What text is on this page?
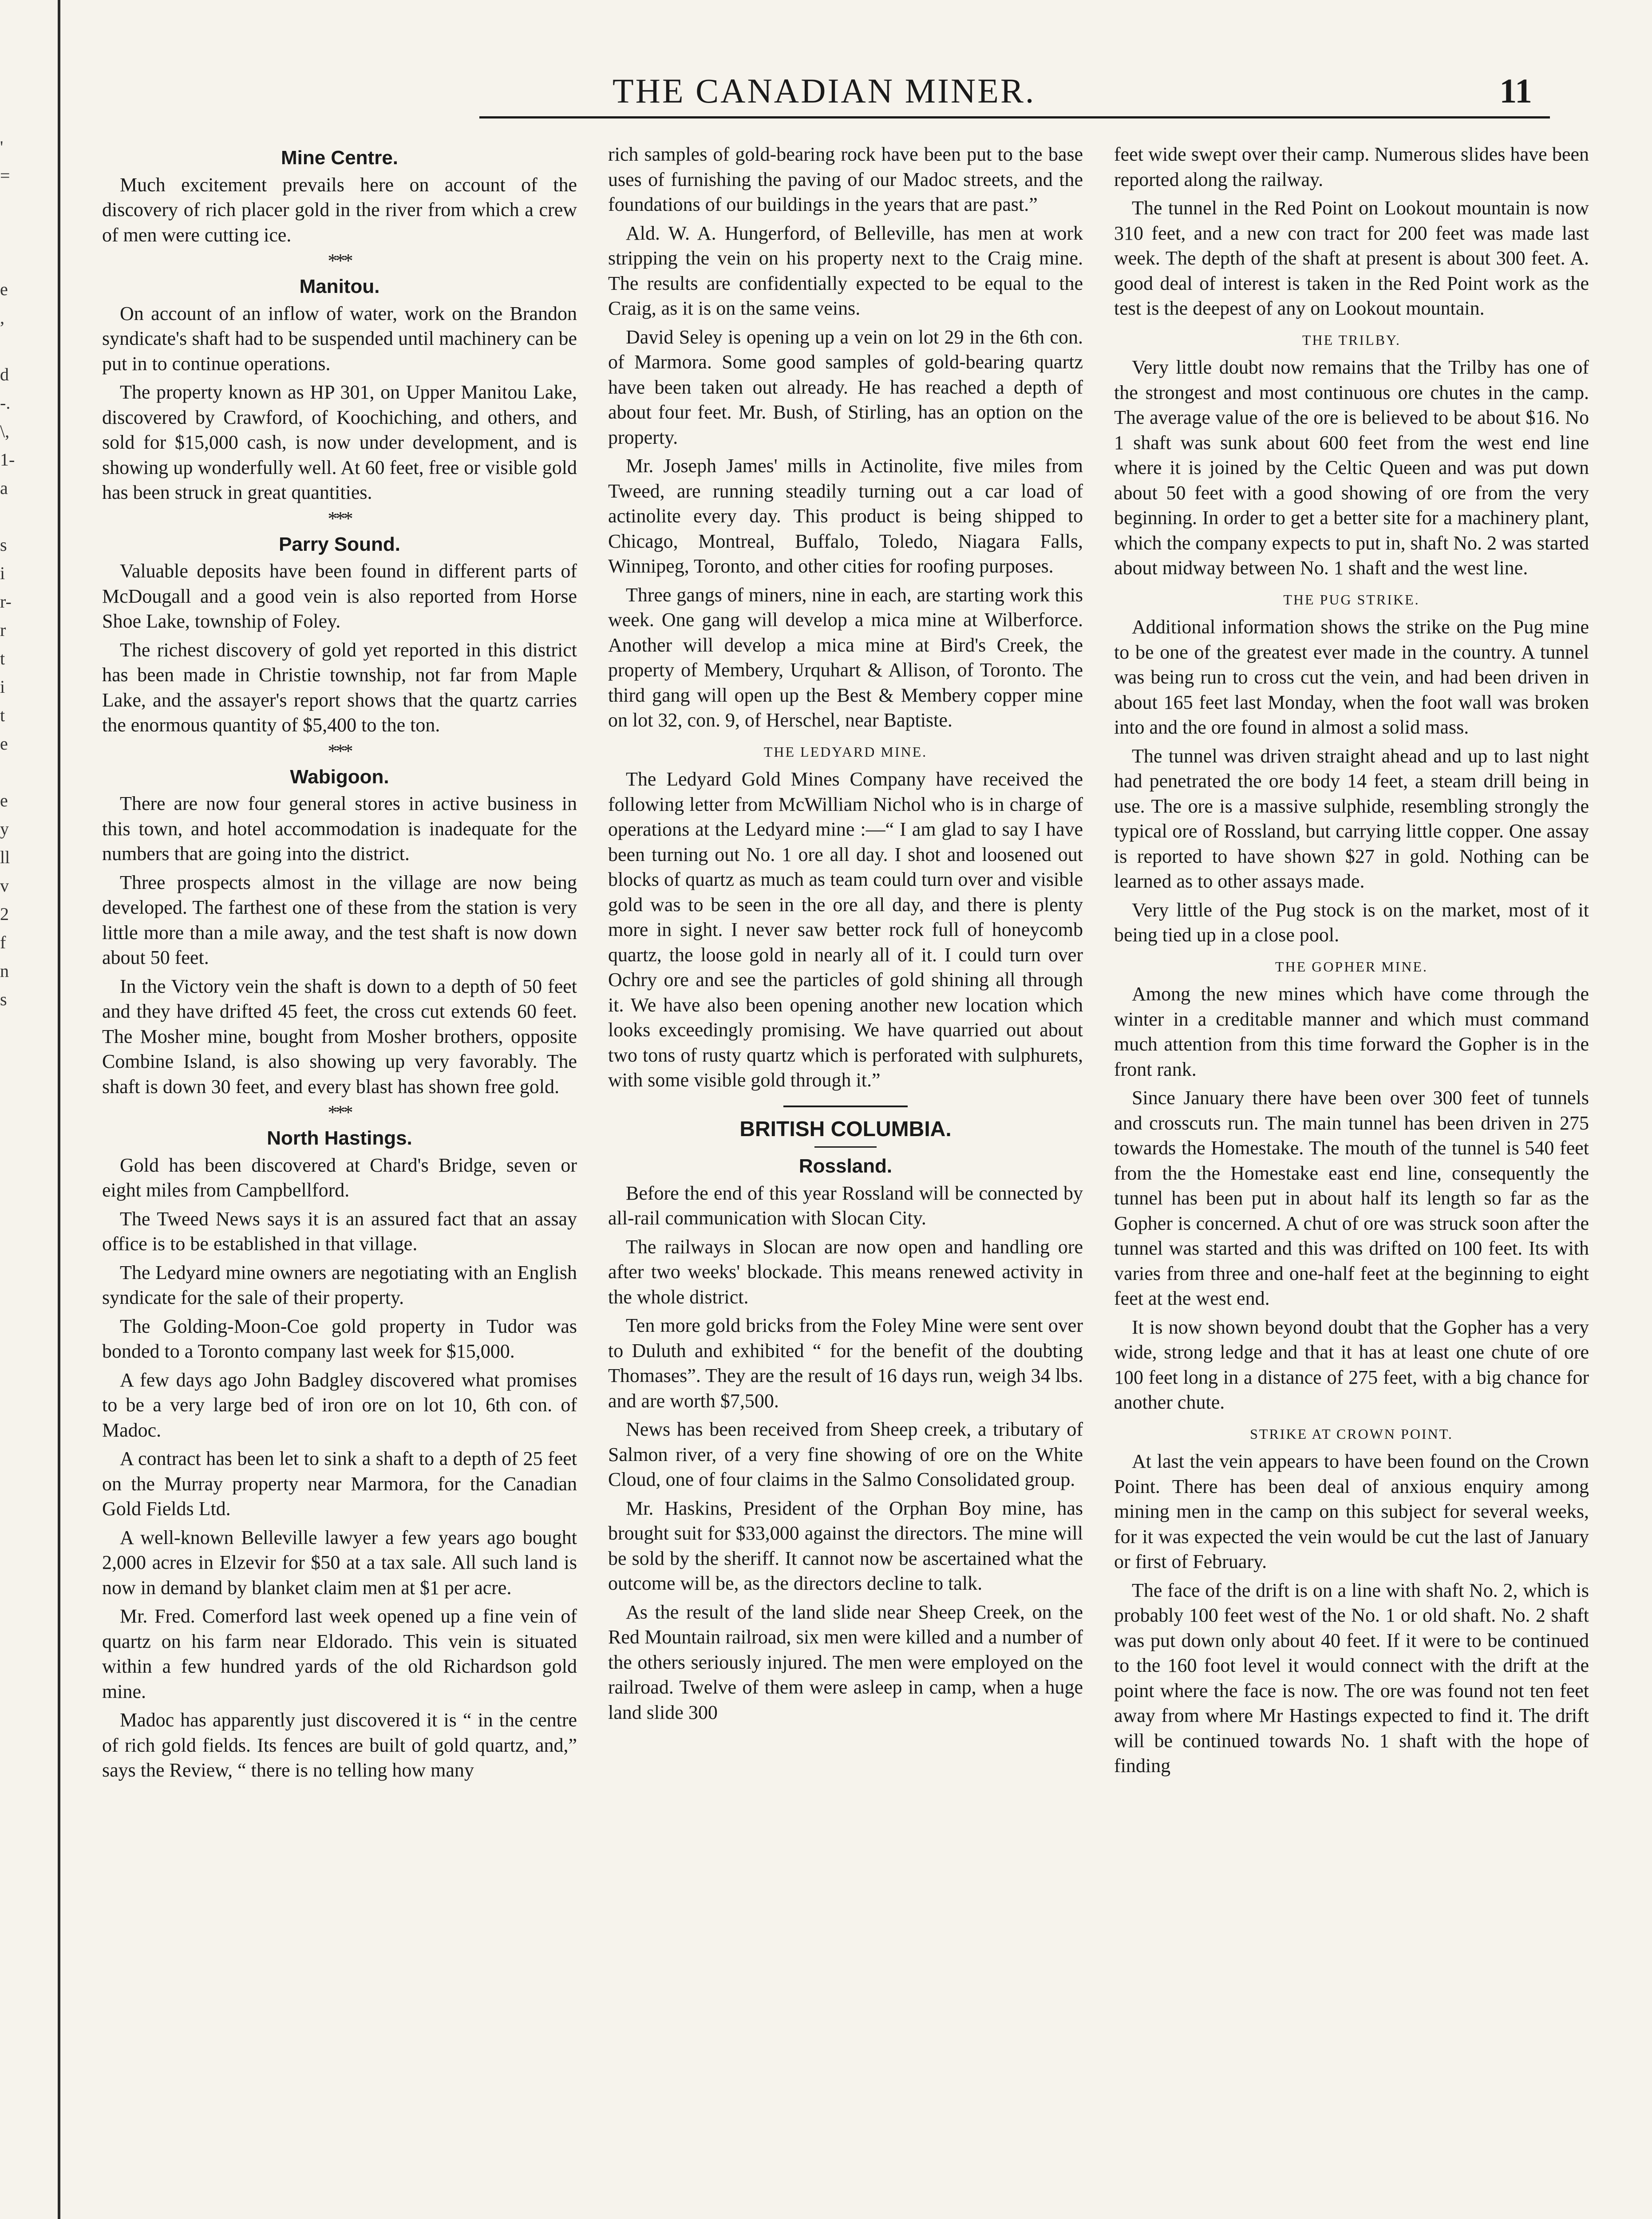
'
=
e
,
d
-.
\,
1-
a
s
i
r-
r
t
i
t
e
e
y
ll
v
2
f
n
s
THE CANADIAN MINER.	11
Mine Centre.

Much excitement prevails here on account of the discovery of rich placer gold in the river from which a crew of men were cutting ice.

* * *
Manitou.

On account of an inflow of water, work on the Brandon syndicate's shaft had to be suspended until machinery can be put in to continue operations.

The property known as HP 301, on Upper Manitou Lake, discovered by Crawford, of Koochiching, and others, and sold for $15,000 cash, is now under development, and is showing up wonderfully well. At 60 feet, free or visible gold has been struck in great quantities.

* * *
Parry Sound.

Valuable deposits have been found in different parts of McDougall and a good vein is also reported from Horse Shoe Lake, township of Foley.

The richest discovery of gold yet reported in this district has been made in Christie township, not far from Maple Lake, and the assayer's report shows that the quartz carries the enormous quantity of $5,400 to the ton.

* * *
Wabigoon.

There are now four general stores in active business in this town, and hotel accommodation is inadequate for the numbers that are going into the district.

Three prospects almost in the village are now being developed. The farthest one of these from the station is very little more than a mile away, and the test shaft is now down about 50 feet.

In the Victory vein the shaft is down to a depth of 50 feet and they have drifted 45 feet, the cross cut extends 60 feet. The Mosher mine, bought from Mosher brothers, opposite Combine Island, is also showing up very favorably. The shaft is down 30 feet, and every blast has shown free gold.

* * *
North Hastings.

Gold has been discovered at Chard's Bridge, seven or eight miles from Campbellford.

The Tweed News says it is an assured fact that an assay office is to be established in that village.

The Ledyard mine owners are negotiating with an English syndicate for the sale of their property.

The Golding-Moon-Coe gold property in Tudor was bonded to a Toronto company last week for $15,000.

A few days ago John Badgley discovered what promises to be a very large bed of iron ore on lot 10, 6th con. of Madoc.

A contract has been let to sink a shaft to a depth of 25 feet on the Murray property near Marmora, for the Canadian Gold Fields Ltd.

A well-known Belleville lawyer a few years ago bought 2,000 acres in Elzevir for $50 at a tax sale. All such land is now in demand by blanket claim men at $1 per acre.

Mr. Fred. Comerford last week opened up a fine vein of quartz on his farm near Eldorado. This vein is situated within a few hundred yards of the old Richardson gold mine.

Madoc has apparently just discovered it is “ in the centre of rich gold fields. Its fences are built of gold quartz, and,” says the Review, “ there is no telling how many

rich samples of gold-bearing rock have been put to the base uses of furnishing the paving of our Madoc streets, and the foundations of our buildings in the years that are past.”

Ald. W. A. Hungerford, of Belleville, has men at work stripping the vein on his property next to the Craig mine. The results are confidentially expected to be equal to the Craig, as it is on the same veins.

David Seley is opening up a vein on lot 29 in the 6th con. of Marmora. Some good samples of gold-bearing quartz have been taken out already. He has reached a depth of about four feet. Mr. Bush, of Stirling, has an option on the property.

Mr. Joseph James' mills in Actinolite, five miles from Tweed, are running steadily turning out a car load of actinolite every day. This product is being shipped to Chicago, Montreal, Buffalo, Toledo, Niagara Falls, Winnipeg, Toronto, and other cities for roofing purposes.

Three gangs of miners, nine in each, are starting work this week. One gang will develop a mica mine at Wilberforce. Another will develop a mica mine at Bird's Creek, the property of Membery, Urquhart & Allison, of Toronto. The third gang will open up the Best & Membery copper mine on lot 32, con. 9, of Herschel, near Baptiste.

THE LEDYARD MINE.

The Ledyard Gold Mines Company have received the following letter from McWilliam Nichol who is in charge of operations at the Ledyard mine :—“ I am glad to say I have been turning out No. 1 ore all day. I shot and loosened out blocks of quartz as much as team could turn over and visible gold was to be seen in the ore all day, and there is plenty more in sight. I never saw better rock full of honeycomb quartz, the loose gold in nearly all of it. I could turn over Ochry ore and see the particles of gold shining all through it. We have also been opening another new location which looks exceedingly promising. We have quarried out about two tons of rusty quartz which is perforated with sulphurets, with some visible gold through it.”

BRITISH COLUMBIA.
Rossland.

Before the end of this year Rossland will be connected by all-rail communication with Slocan City.

The railways in Slocan are now open and handling ore after two weeks' blockade. This means renewed activity in the whole district.

Ten more gold bricks from the Foley Mine were sent over to Duluth and exhibited “ for the benefit of the doubting Thomases”. They are the result of 16 days run, weigh 34 lbs. and are worth $7,500.

News has been received from Sheep creek, a tributary of Salmon river, of a very fine showing of ore on the White Cloud, one of four claims in the Salmo Consolidated group.

Mr. Haskins, President of the Orphan Boy mine, has brought suit for $33,000 against the directors. The mine will be sold by the sheriff. It cannot now be ascertained what the outcome will be, as the directors decline to talk.

As the result of the land slide near Sheep Creek, on the Red Mountain railroad, six men were killed and a number of the others seriously injured. The men were employed on the railroad. Twelve of them were asleep in camp, when a huge land slide 300

feet wide swept over their camp. Numerous slides have been reported along the railway.

The tunnel in the Red Point on Lookout mountain is now 310 feet, and a new con tract for 200 feet was made last week. The depth of the shaft at present is about 300 feet. A. good deal of interest is taken in the Red Point work as the test is the deepest of any on Lookout mountain.

THE TRILBY.

Very little doubt now remains that the Trilby has one of the strongest and most continuous ore chutes in the camp. The average value of the ore is believed to be about $16. No 1 shaft was sunk about 600 feet from the west end line where it is joined by the Celtic Queen and was put down about 50 feet with a good showing of ore from the very beginning. In order to get a better site for a machinery plant, which the company expects to put in, shaft No. 2 was started about midway between No. 1 shaft and the west line.

THE PUG STRIKE.

Additional information shows the strike on the Pug mine to be one of the greatest ever made in the country. A tunnel was being run to cross cut the vein, and had been driven in about 165 feet last Monday, when the foot wall was broken into and the ore found in almost a solid mass.

The tunnel was driven straight ahead and up to last night had penetrated the ore body 14 feet, a steam drill being in use. The ore is a massive sulphide, resembling strongly the typical ore of Rossland, but carrying little copper. One assay is reported to have shown $27 in gold. Nothing can be learned as to other assays made.

Very little of the Pug stock is on the market, most of it being tied up in a close pool.

THE GOPHER MINE.

Among the new mines which have come through the winter in a creditable manner and which must command much attention from this time forward the Gopher is in the front rank.

Since January there have been over 300 feet of tunnels and crosscuts run. The main tunnel has been driven in 275 towards the Homestake. The mouth of the tunnel is 540 feet from the the Homestake east end line, consequently the tunnel has been put in about half its length so far as the Gopher is concerned. A chut of ore was struck soon after the tunnel was started and this was drifted on 100 feet. Its with varies from three and one-half feet at the beginning to eight feet at the west end.

It is now shown beyond doubt that the Gopher has a very wide, strong ledge and that it has at least one chute of ore 100 feet long in a distance of 275 feet, with a big chance for another chute.

STRIKE AT CROWN POINT.

At last the vein appears to have been found on the Crown Point. There has been deal of anxious enquiry among mining men in the camp on this subject for several weeks, for it was expected the vein would be cut the last of January or first of February.

The face of the drift is on a line with shaft No. 2, which is probably 100 feet west of the No. 1 or old shaft. No. 2 shaft was put down only about 40 feet. If it were to be continued to the 160 foot level it would connect with the drift at the point where the face is now. The ore was found not ten feet away from where Mr Hastings expected to find it. The drift will be continued towards No. 1 shaft with the hope of finding
